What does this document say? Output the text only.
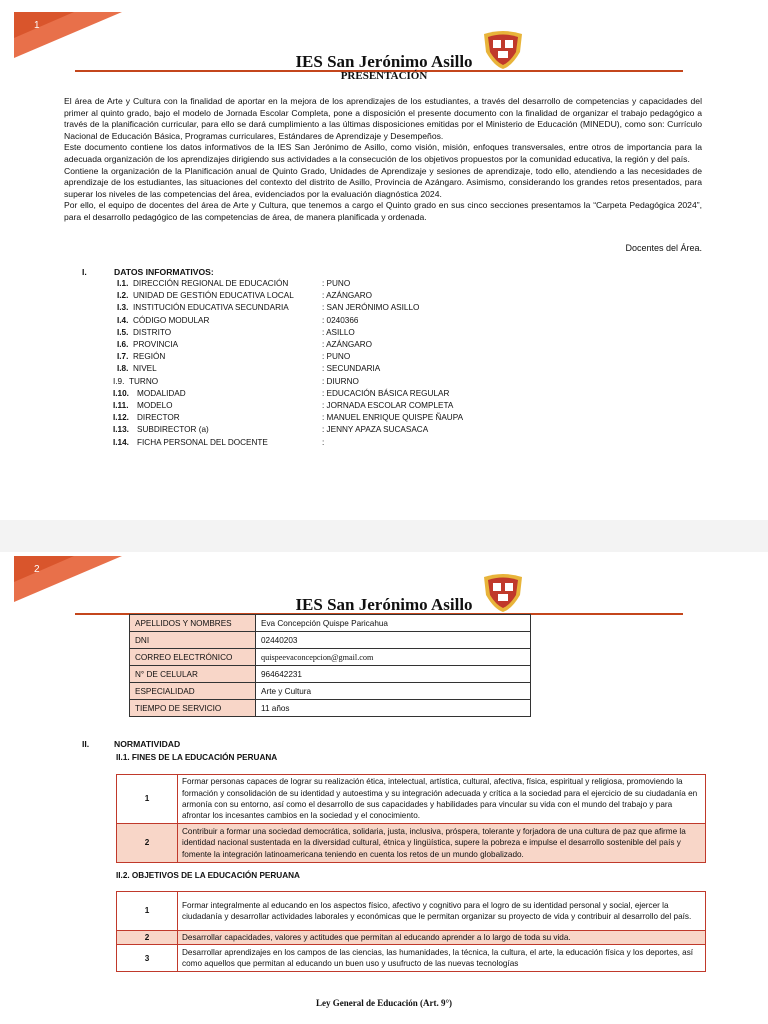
1
IES San Jerónimo Asillo
PRESENTACIÓN

El área de Arte y Cultura con la finalidad de aportar en la mejora de los aprendizajes de los estudiantes, a través del desarrollo de competencias y capacidades del primer al quinto grado, bajo el modelo de Jornada Escolar Completa, pone a disposición el presente documento con la finalidad de organizar el trabajo pedagógico a través de la planificación curricular, para ello se dará cumplimiento a las últimas disposiciones emitidas por el Ministerio de Educación (MINEDU), como son: Currículo Nacional de Educación Básica, Programas curriculares, Estándares de Aprendizaje y Desempeños.

Este documento contiene los datos informativos de la IES San Jerónimo de Asillo, como visión, misión, enfoques transversales, entre otros de importancia para la adecuada organización de los aprendizajes dirigiendo sus actividades a la consecución de los objetivos propuestos por la comunidad educativa, la región y del país.

Contiene la organización de la Planificación anual de Quinto Grado, Unidades de Aprendizaje y sesiones de aprendizaje, todo ello, atendiendo a las necesidades de aprendizaje de los estudiantes, las situaciones del contexto del distrito de Asillo, Provincia de Azángaro. Asimismo, considerando los grandes retos presentados, para superar los niveles de las competencias del área, evidenciados por la evaluación diagnóstica 2024.

Por ello, el equipo de docentes del área de Arte y Cultura, que tenemos a cargo el Quinto grado en sus cinco secciones presentamos la “Carpeta Pedagógica 2024”, para el desarrollo pedagógico de las competencias de área, de manera planificada y ordenada.

Docentes del Área.
I.	DATOS INFORMATIVOS:
I.1. DIRECCIÓN REGIONAL DE EDUCACIÓN	: PUNO
I.2. UNIDAD DE GESTIÓN EDUCATIVA LOCAL	: AZÁNGARO
I.3. INSTITUCIÓN EDUCATIVA SECUNDARIA	: SAN JERÓNIMO ASILLO
I.4. CÓDIGO MODULAR	: 0240366
I.5. DISTRITO	: ASILLO
I.6. PROVINCIA	: AZÁNGARO
I.7. REGIÓN	: PUNO
I.8. NIVEL	: SECUNDARIA
I.9. TURNO	: DIURNO
I.10. MODALIDAD	: EDUCACIÓN BÁSICA REGULAR
I.11. MODELO	: JORNADA ESCOLAR COMPLETA
I.12. DIRECTOR	: MANUEL ENRIQUE QUISPE ÑAUPA
I.13. SUBDIRECTOR (a)	: JENNY APAZA SUCASACA
I.14. FICHA PERSONAL DEL DOCENTE	:
2
IES San Jerónimo Asillo
APELLIDOS Y NOMBRES	Eva Concepción Quispe Paricahua
DNI	02440203
CORREO ELECTRÓNICO	quispeevaconcepcion@gmail.com
N° DE CELULAR	964642231
ESPECIALIDAD	Arte y Cultura
TIEMPO DE SERVICIO	11 años
II.	NORMATIVIDAD
II.1. FINES DE LA EDUCACIÓN PERUANA
1	Formar personas capaces de lograr su realización ética, intelectual, artística, cultural, afectiva, física, espiritual y religiosa, promoviendo la formación y consolidación de su identidad y autoestima y su integración adecuada y crítica a la sociedad para el ejercicio de su ciudadanía en armonía con su entorno, así como el desarrollo de sus capacidades y habilidades para vincular su vida con el mundo del trabajo y para afrontar los incesantes cambios en la sociedad y el conocimiento.
2	Contribuir a formar una sociedad democrática, solidaria, justa, inclusiva, próspera, tolerante y forjadora de una cultura de paz que afirme la identidad nacional sustentada en la diversidad cultural, étnica y lingüística, supere la pobreza e impulse el desarrollo sostenible del país y fomente la integración latinoamericana teniendo en cuenta los retos de un mundo globalizado.
II.2. OBJETIVOS DE LA EDUCACIÓN PERUANA
1	Formar integralmente al educando en los aspectos físico, afectivo y cognitivo para el logro de su identidad personal y social, ejercer la ciudadanía y desarrollar actividades laborales y económicas que le permitan organizar su proyecto de vida y contribuir al desarrollo del país.
2	Desarrollar capacidades, valores y actitudes que permitan al educando aprender a lo largo de toda su vida.
3	Desarrollar aprendizajes en los campos de las ciencias, las humanidades, la técnica, la cultura, el arte, la educación física y los deportes, así como aquellos que permitan al educando un buen uso y usufructo de las nuevas tecnologías
Ley General de Educación (Art. 9°)
